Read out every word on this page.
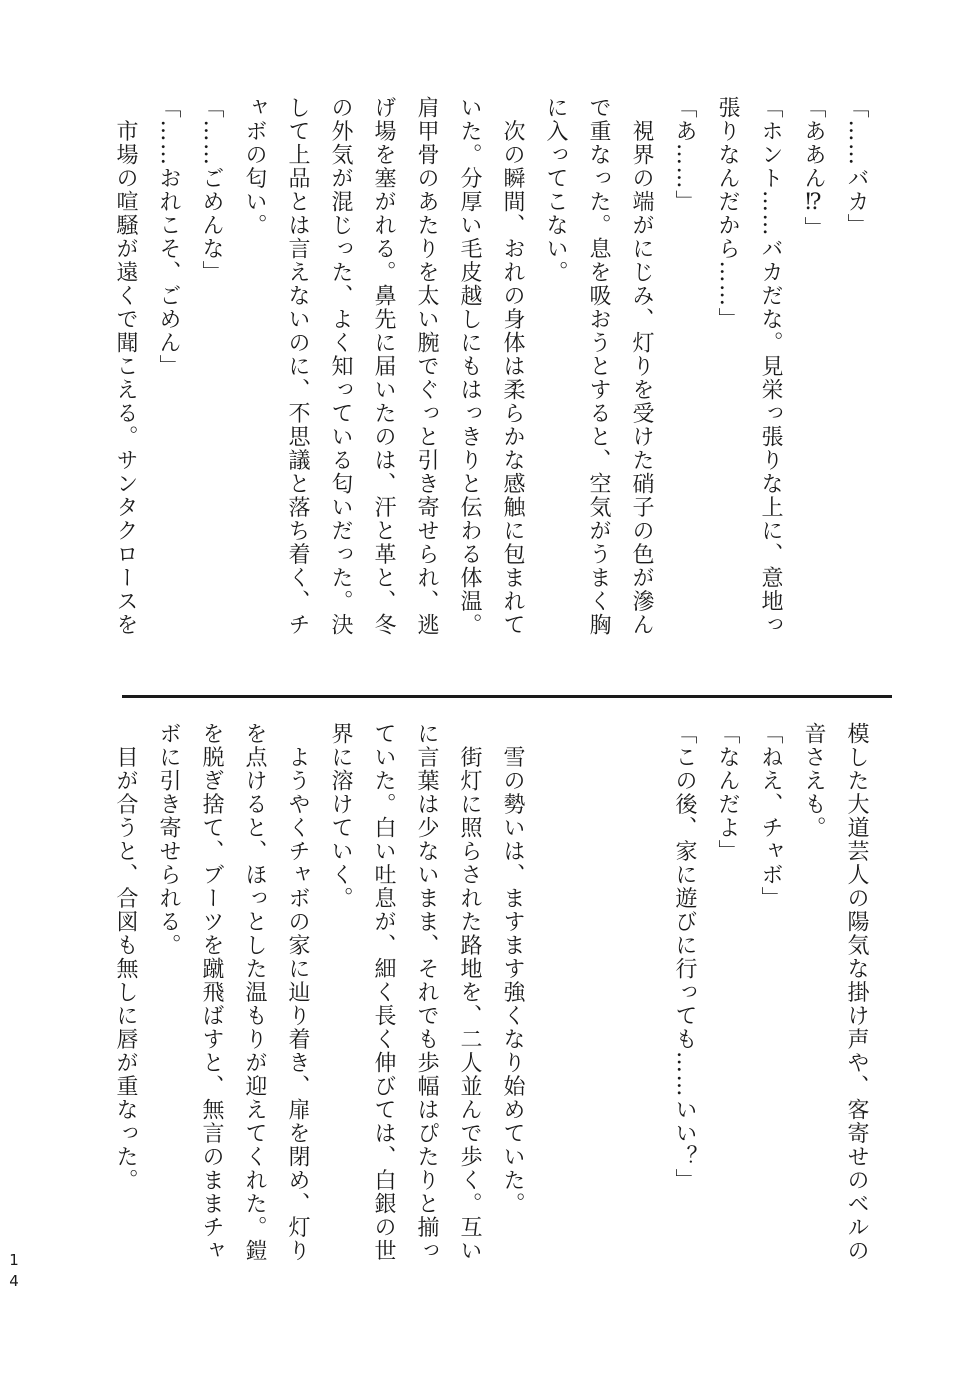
「……バカ」

「ああん⁉」

「ホント……バカだな。見栄っ張りな上に、意地っ

張りなんだから……」

「あ……」

　視界の端がにじみ、灯りを受けた硝子の色が滲ん

で重なった。息を吸おうとすると、空気がうまく胸

に入ってこない。

　次の瞬間、おれの身体は柔らかな感触に包まれて

いた。分厚い毛皮越しにもはっきりと伝わる体温。

肩甲骨のあたりを太い腕でぐっと引き寄せられ、逃

げ場を塞がれる。鼻先に届いたのは、汗と革と、冬

の外気が混じった、よく知っている匂いだった。決

して上品とは言えないのに、不思議と落ち着く、チ

ャボの匂い。

「……ごめんな」

「……おれこそ、ごめん」

　市場の喧騒が遠くで聞こえる。サンタクロースを

模した大道芸人の陽気な掛け声や、客寄せのベルの

音さえも。

「ねえ、チャボ」

「なんだよ」

「この後、家に遊びに行っても……いい？」

　雪の勢いは、ますます強くなり始めていた。

　街灯に照らされた路地を、二人並んで歩く。互い

に言葉は少ないまま、それでも歩幅はぴたりと揃っ

ていた。白い吐息が、細く長く伸びては、白銀の世

界に溶けていく。

　ようやくチャボの家に辿り着き、扉を閉め、灯り

を点けると、ほっとした温もりが迎えてくれた。鎧

を脱ぎ捨て、ブーツを蹴飛ばすと、無言のままチャ

ボに引き寄せられる。

　目が合うと、合図も無しに唇が重なった。

14
